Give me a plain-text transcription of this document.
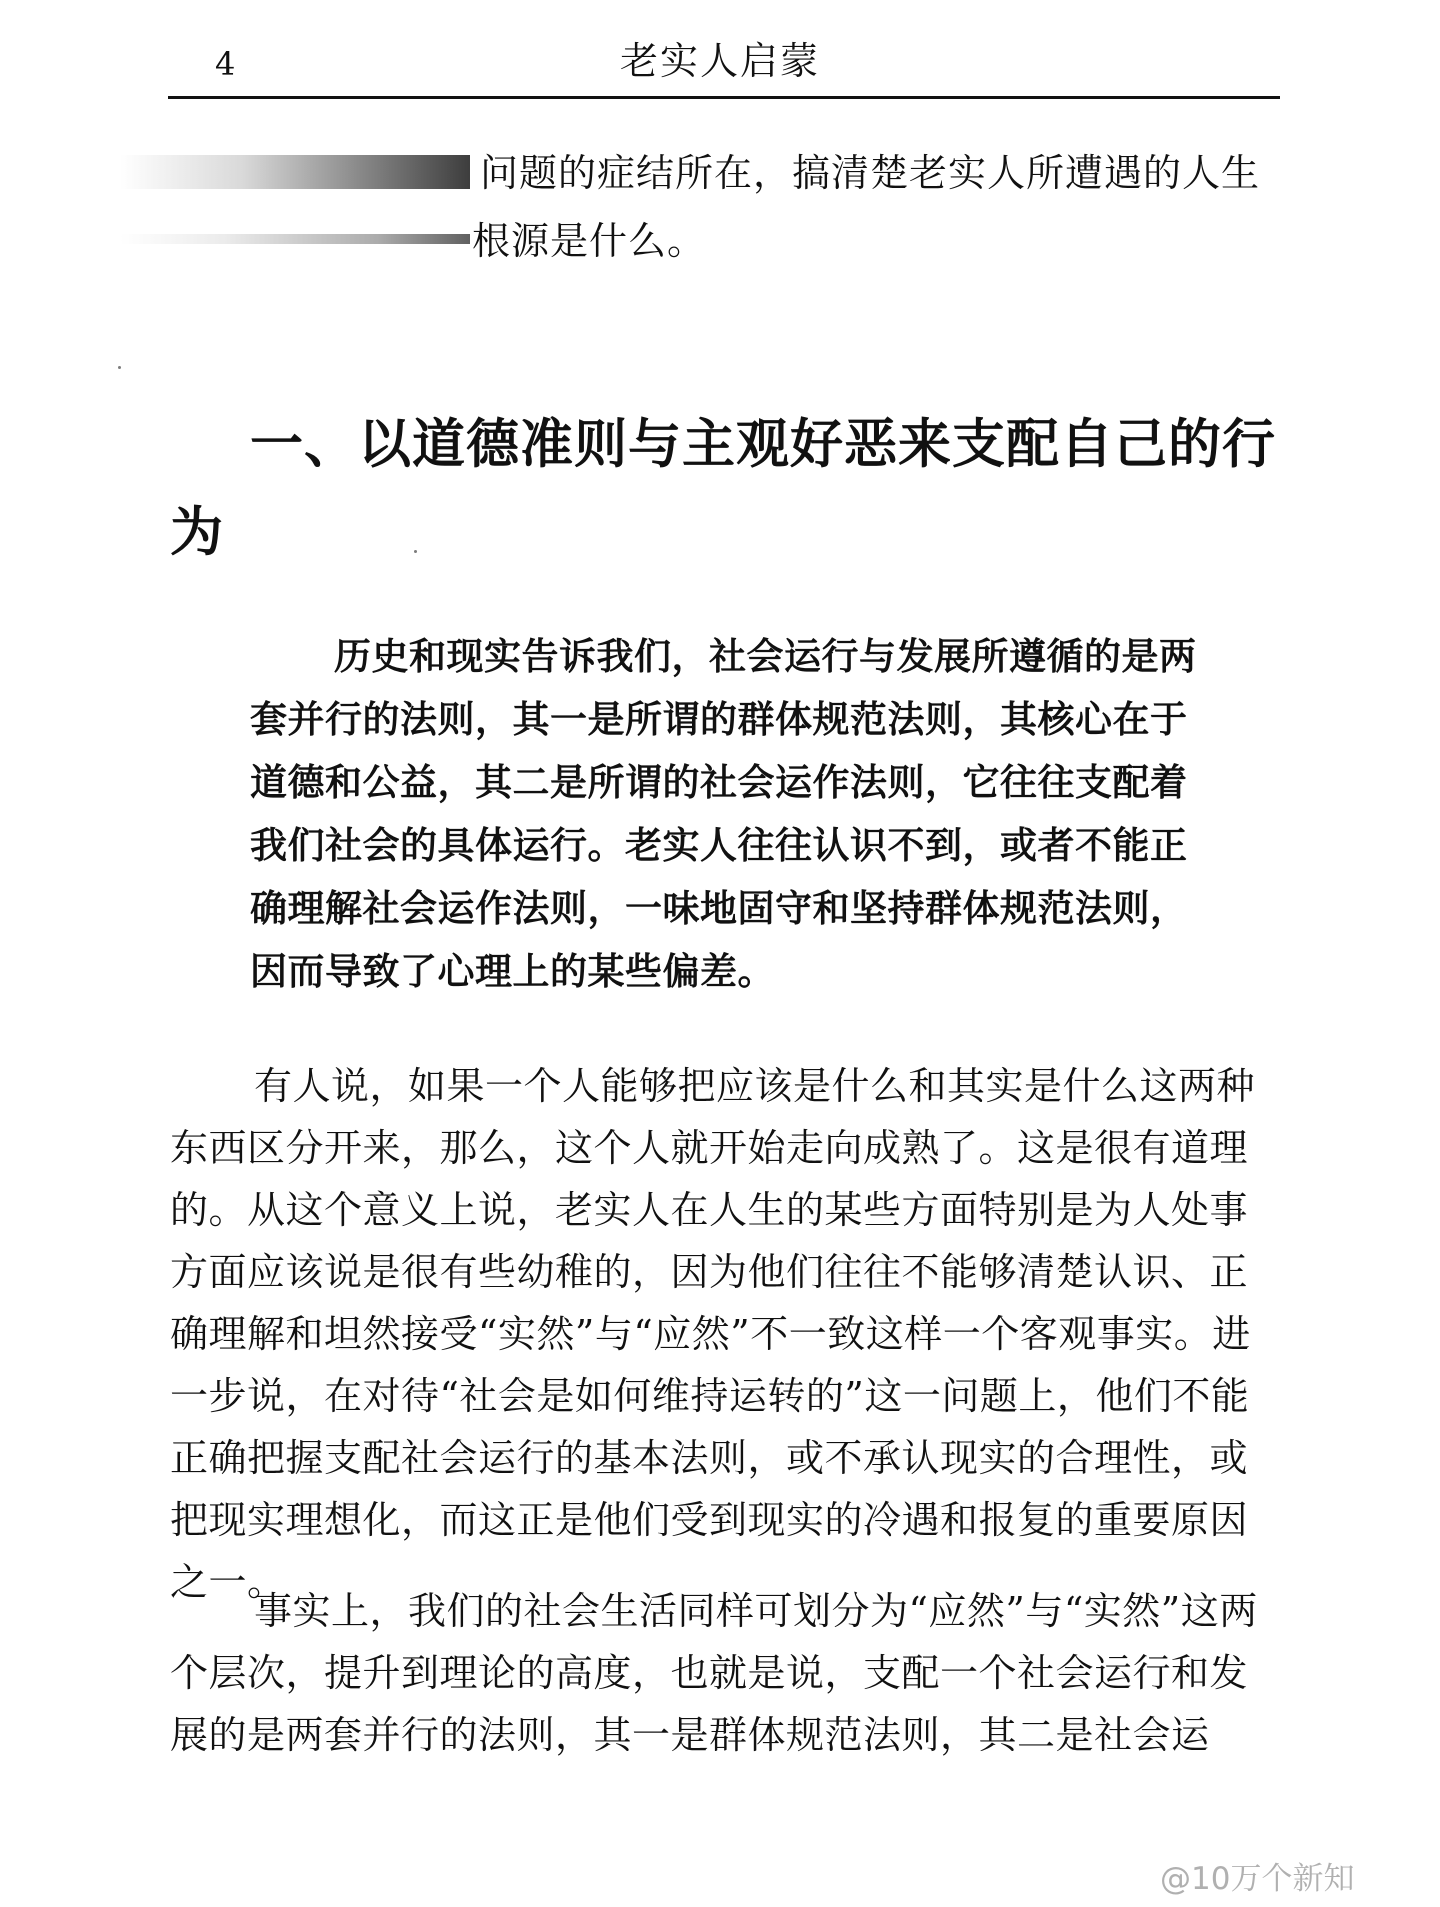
4	老实人启蒙
问题的症结所在，搞清楚老实人所遭遇的人生
根源是什么。
一、以道德准则与主观好恶来支配自己的行为

历史和现实告诉我们，社会运行与发展所遵循的是两套并行的法则，其一是所谓的群体规范法则，其核心在于道德和公益，其二是所谓的社会运作法则，它往往支配着我们社会的具体运行。老实人往往认识不到，或者不能正确理解社会运作法则，一味地固守和坚持群体规范法则，因而导致了心理上的某些偏差。

有人说，如果一个人能够把应该是什么和其实是什么这两种东西区分开来，那么，这个人就开始走向成熟了。这是很有道理的。从这个意义上说，老实人在人生的某些方面特别是为人处事方面应该说是很有些幼稚的，因为他们往往不能够清楚认识、正确理解和坦然接受“实然”与“应然”不一致这样一个客观事实。进一步说，在对待“社会是如何维持运转的”这一问题上，他们不能正确把握支配社会运行的基本法则，或不承认现实的合理性，或把现实理想化，而这正是他们受到现实的冷遇和报复的重要原因之一。

事实上，我们的社会生活同样可划分为“应然”与“实然”这两个层次，提升到理论的高度，也就是说，支配一个社会运行和发展的是两套并行的法则，其一是群体规范法则，其二是社会运

@10万个新知
